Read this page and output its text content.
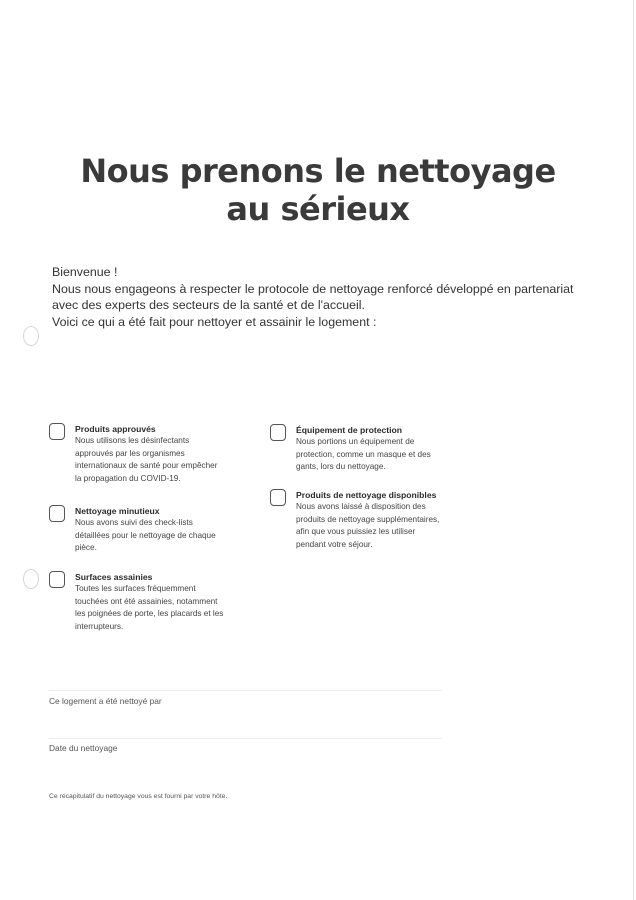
Nous prenons le nettoyage
au sérieux

Bienvenue !

Nous nous engageons à respecter le protocole de nettoyage renforcé développé en partenariat avec des experts des secteurs de la santé et de l'accueil.

Voici ce qui a été fait pour nettoyer et assainir le logement :

Produits approuvés
Nous utilisons les désinfectants approuvés par les organismes internationaux de santé pour empêcher la propagation du COVID-19.
Nettoyage minutieux
Nous avons suivi des check-lists détaillées pour le nettoyage de chaque pièce.
Surfaces assainies
Toutes les surfaces fréquemment touchées ont été assainies, notamment les poignées de porte, les placards et les interrupteurs.
Équipement de protection
Nous portions un équipement de protection, comme un masque et des gants, lors du nettoyage.
Produits de nettoyage disponibles
Nous avons laissé à disposition des produits de nettoyage supplémentaires, afin que vous puissiez les utiliser pendant votre séjour.
Ce logement a été nettoyé par
Date du nettoyage
Ce récapitulatif du nettoyage vous est fourni par votre hôte.
